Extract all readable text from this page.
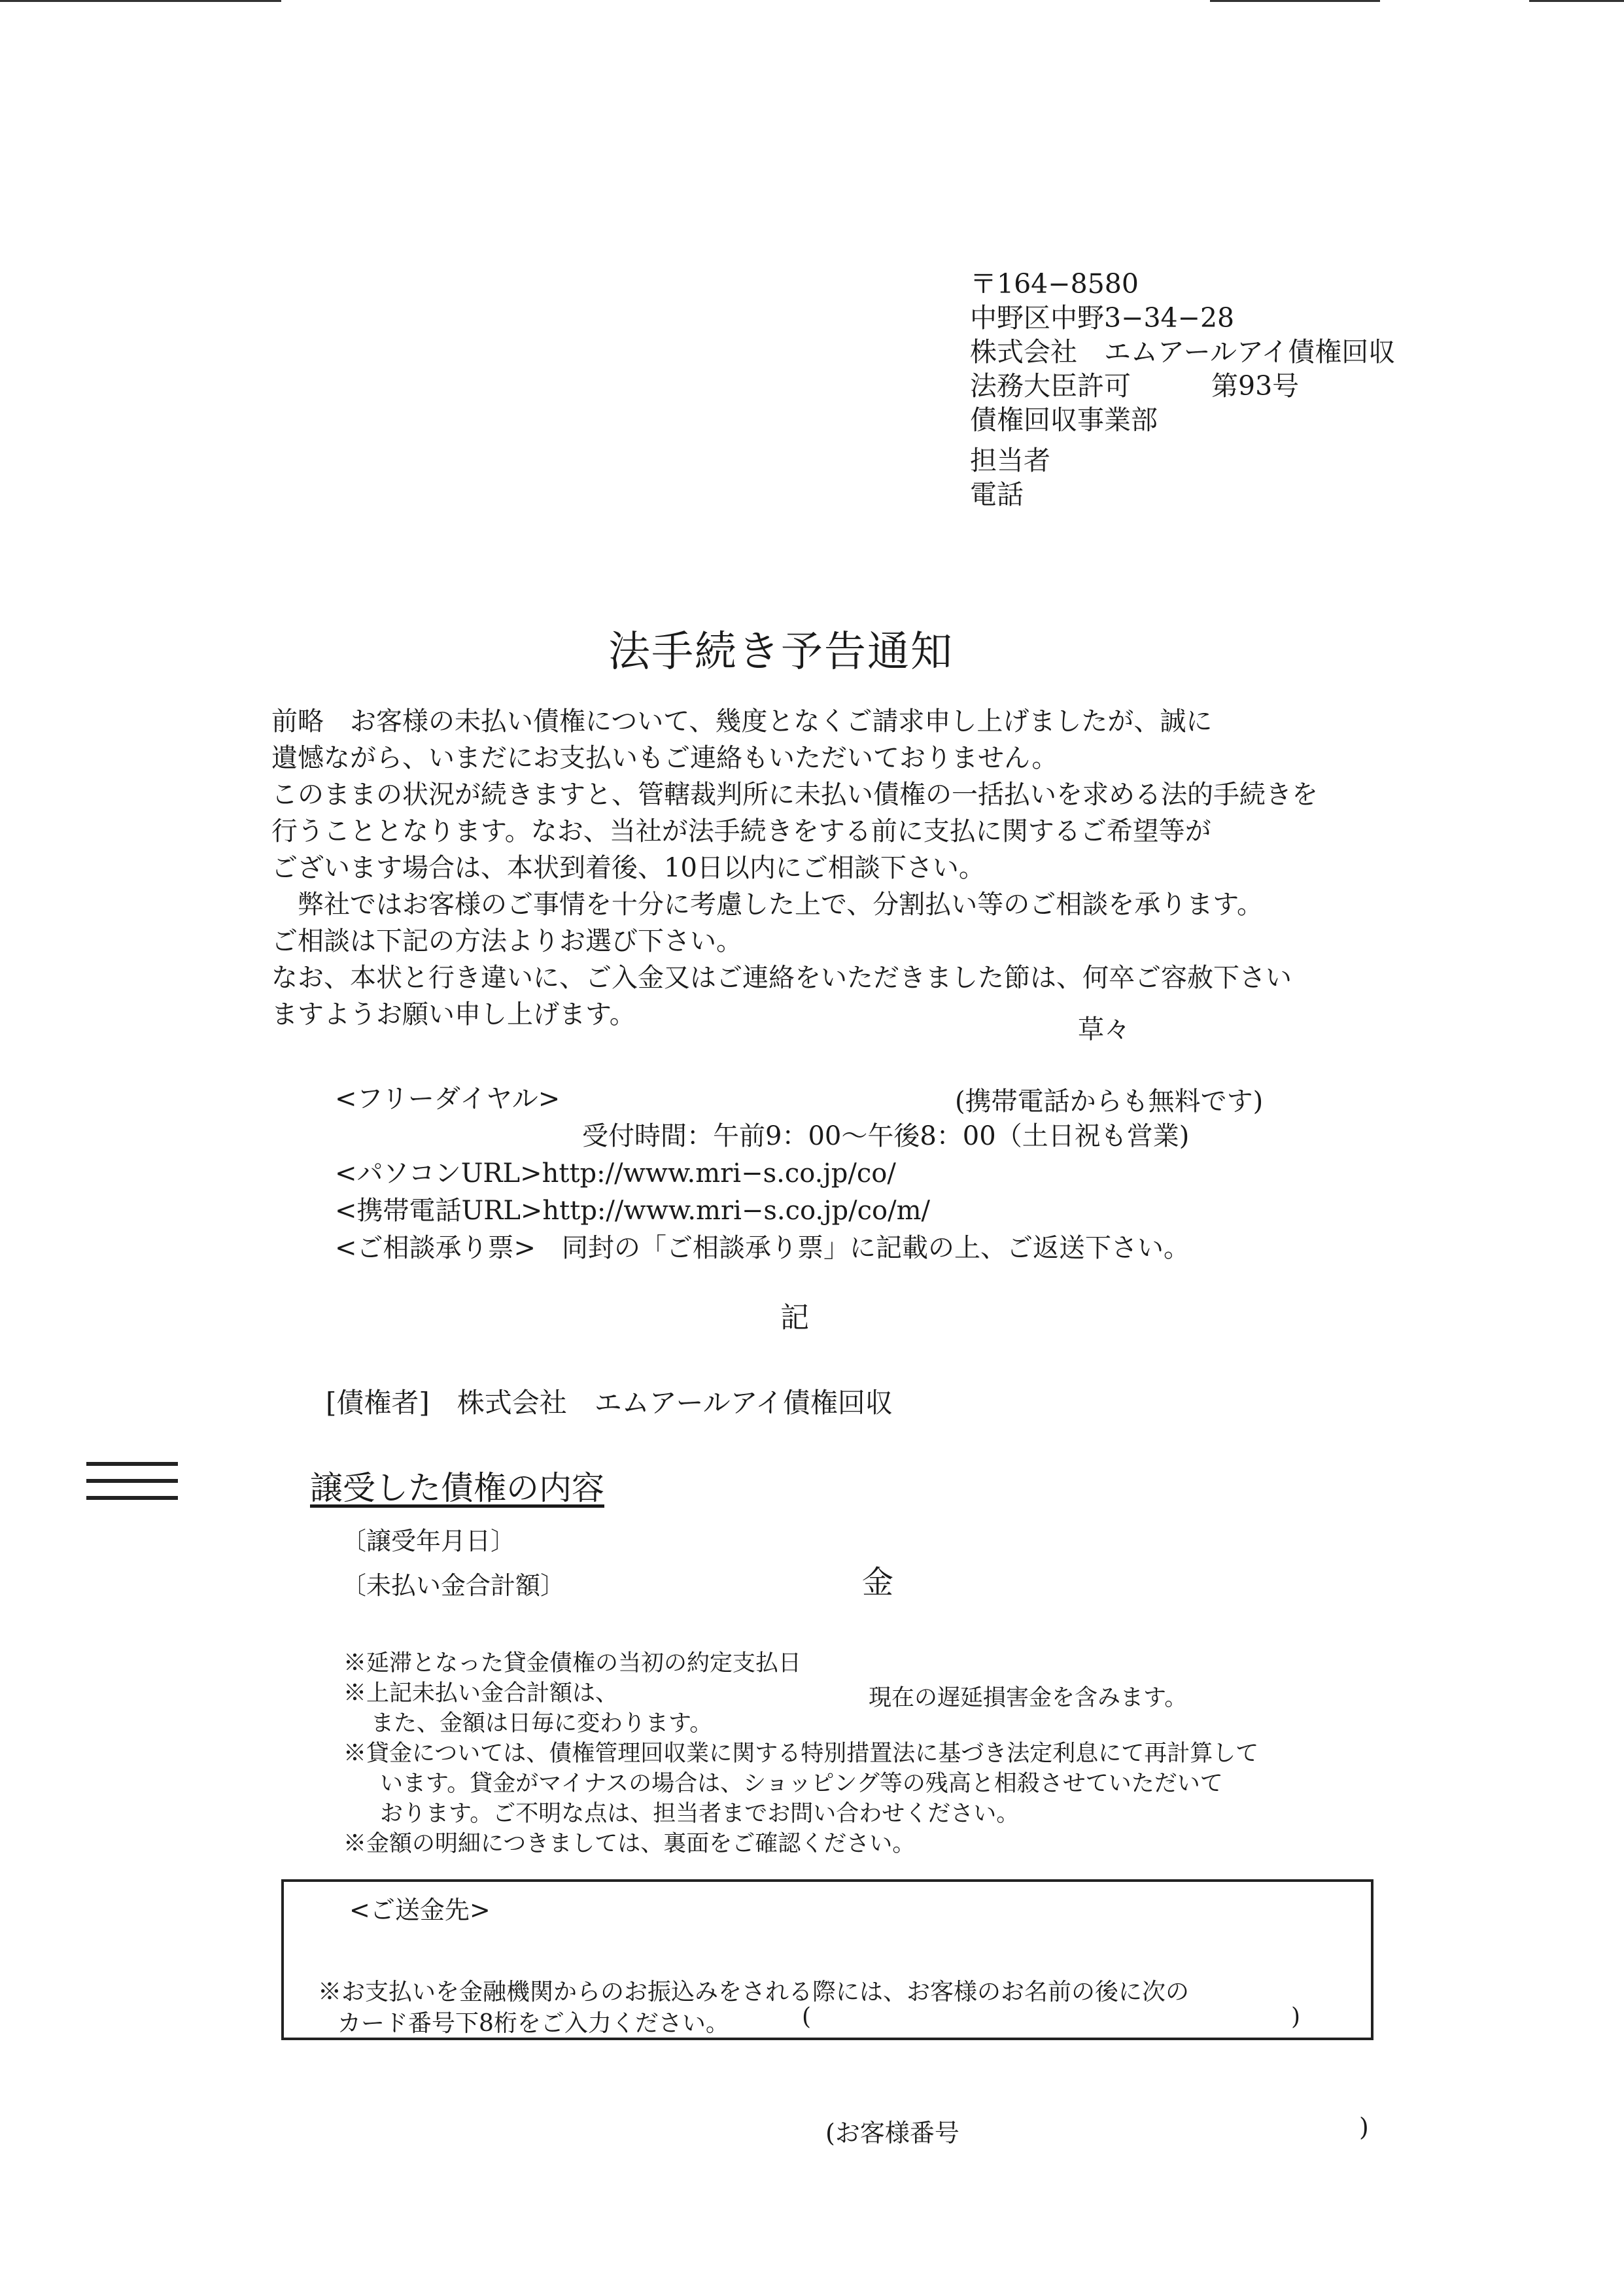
〒164−8580
中野区中野3−34−28
株式会社　エムアールアイ債権回収
法務大臣許可　　　第93号
債権回収事業部
担当者
電話
法手続き予告通知
前略　お客様の未払い債権について、幾度となくご請求申し上げましたが、誠に
遺憾ながら、いまだにお支払いもご連絡もいただいておりません。
このままの状況が続きますと、管轄裁判所に未払い債権の一括払いを求める法的手続きを
行うこととなります。なお、当社が法手続きをする前に支払に関するご希望等が
ございます場合は、本状到着後、10日以内にご相談下さい。
　弊社ではお客様のご事情を十分に考慮した上で、分割払い等のご相談を承ります。
ご相談は下記の方法よりお選び下さい。
なお、本状と行き違いに、ご入金又はご連絡をいただきました節は、何卒ご容赦下さい
ますようお願い申し上げます。	草々
<フリーダイヤル>
受付時間：午前9：00〜午後8：00（土日祝も営業)
<パソコンURL>http://www.mri−s.co.jp/co/
<携帯電話URL>http://www.mri−s.co.jp/co/m/
<ご相談承り票>　同封の「ご相談承り票」に記載の上、ご返送下さい。
(携帯電話からも無料です)
記
[債権者]　株式会社　エムアールアイ債権回収
譲受した債権の内容
〔譲受年月日〕
〔未払い金合計額〕	金
※延滞となった貸金債権の当初の約定支払日
※上記未払い金合計額は、
また、金額は日毎に変わります。
※貸金については、債権管理回収業に関する特別措置法に基づき法定利息にて再計算して
います。貸金がマイナスの場合は、ショッピング等の残高と相殺させていただいて
おります。ご不明な点は、担当者までお問い合わせください。
※金額の明細につきましては、裏面をご確認ください。
現在の遅延損害金を含みます。
<ご送金先>
※お支払いを金融機関からのお振込みをされる際には、お客様のお名前の後に次の
カード番号下8桁をご入力ください。	(	)
(お客様番号	)
